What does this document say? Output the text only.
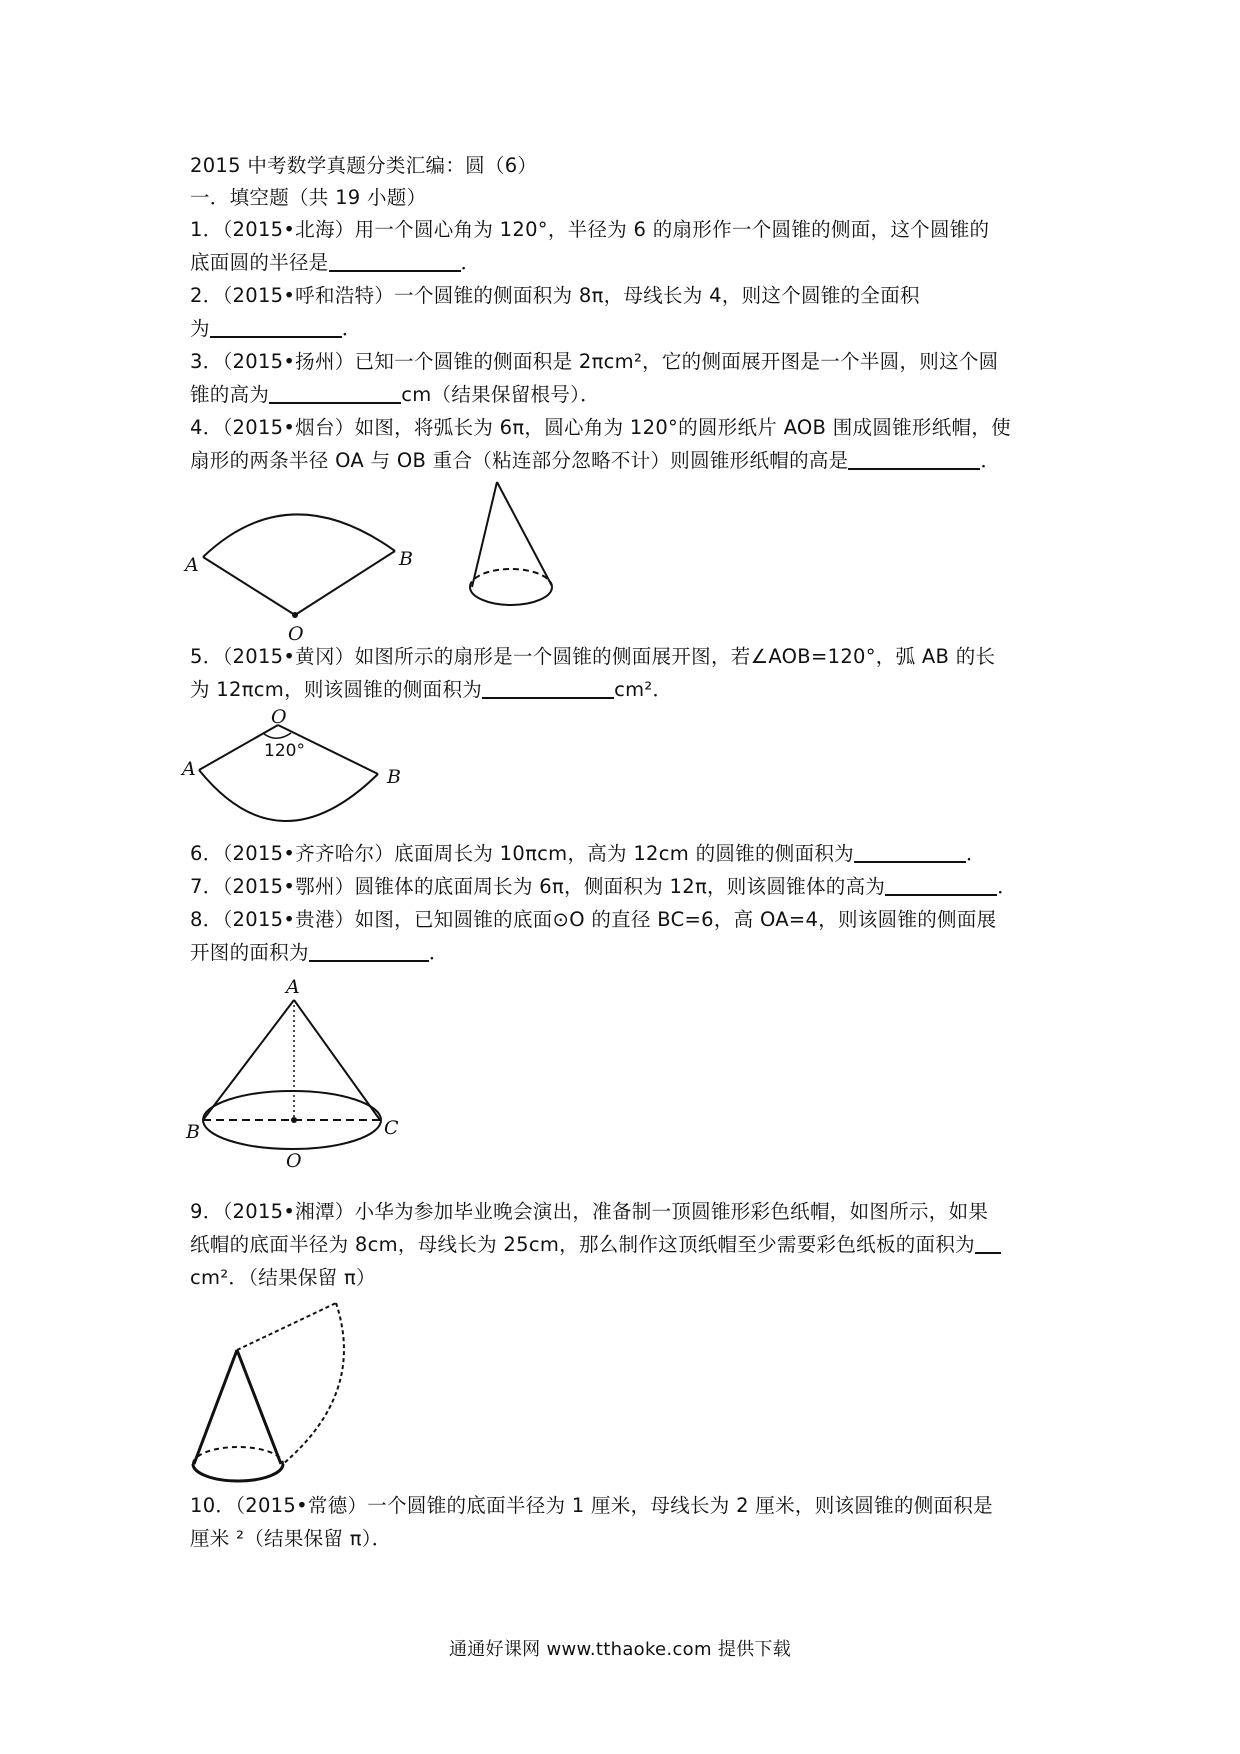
2015 中考数学真题分类汇编：圆（6）
一．填空题（共 19 小题）
1．（2015•北海）用一个圆心角为 120°，半径为 6 的扇形作一个圆锥的侧面，这个圆锥的
底面圆的半径是	．
2．（2015•呼和浩特）一个圆锥的侧面积为 8π，母线长为 4，则这个圆锥的全面积
为	．
3．（2015•扬州）已知一个圆锥的侧面积是 2πcm²，它的侧面展开图是一个半圆，则这个圆
锥的高为	cm（结果保留根号）．
4．（2015•烟台）如图，将弧长为 6π，圆心角为 120°的圆形纸片 AOB 围成圆锥形纸帽，使
扇形的两条半径 OA 与 OB 重合（粘连部分忽略不计）则圆锥形纸帽的高是	．
A	B
O
5．（2015•黄冈）如图所示的扇形是一个圆锥的侧面展开图，若∠AOB=120°，弧 AB 的长
为 12πcm，则该圆锥的侧面积为	cm²．
O
A	B
120°
6．（2015•齐齐哈尔）底面周长为 10πcm，高为 12cm 的圆锥的侧面积为	．
7．（2015•鄂州）圆锥体的底面周长为 6π，侧面积为 12π，则该圆锥体的高为	．
8．（2015•贵港）如图，已知圆锥的底面⊙O 的直径 BC=6，高 OA=4，则该圆锥的侧面展
开图的面积为	．
A
B	C
O
9．（2015•湘潭）小华为参加毕业晚会演出，准备制一顶圆锥形彩色纸帽，如图所示，如果
纸帽的底面半径为 8cm，母线长为 25cm，那么制作这顶纸帽至少需要彩色纸板的面积为
cm²．（结果保留 π）
10．（2015•常德）一个圆锥的底面半径为 1 厘米，母线长为 2 厘米，则该圆锥的侧面积是
厘米 ²（结果保留 π）．
通通好课网 www.tthaoke.com 提供下载
